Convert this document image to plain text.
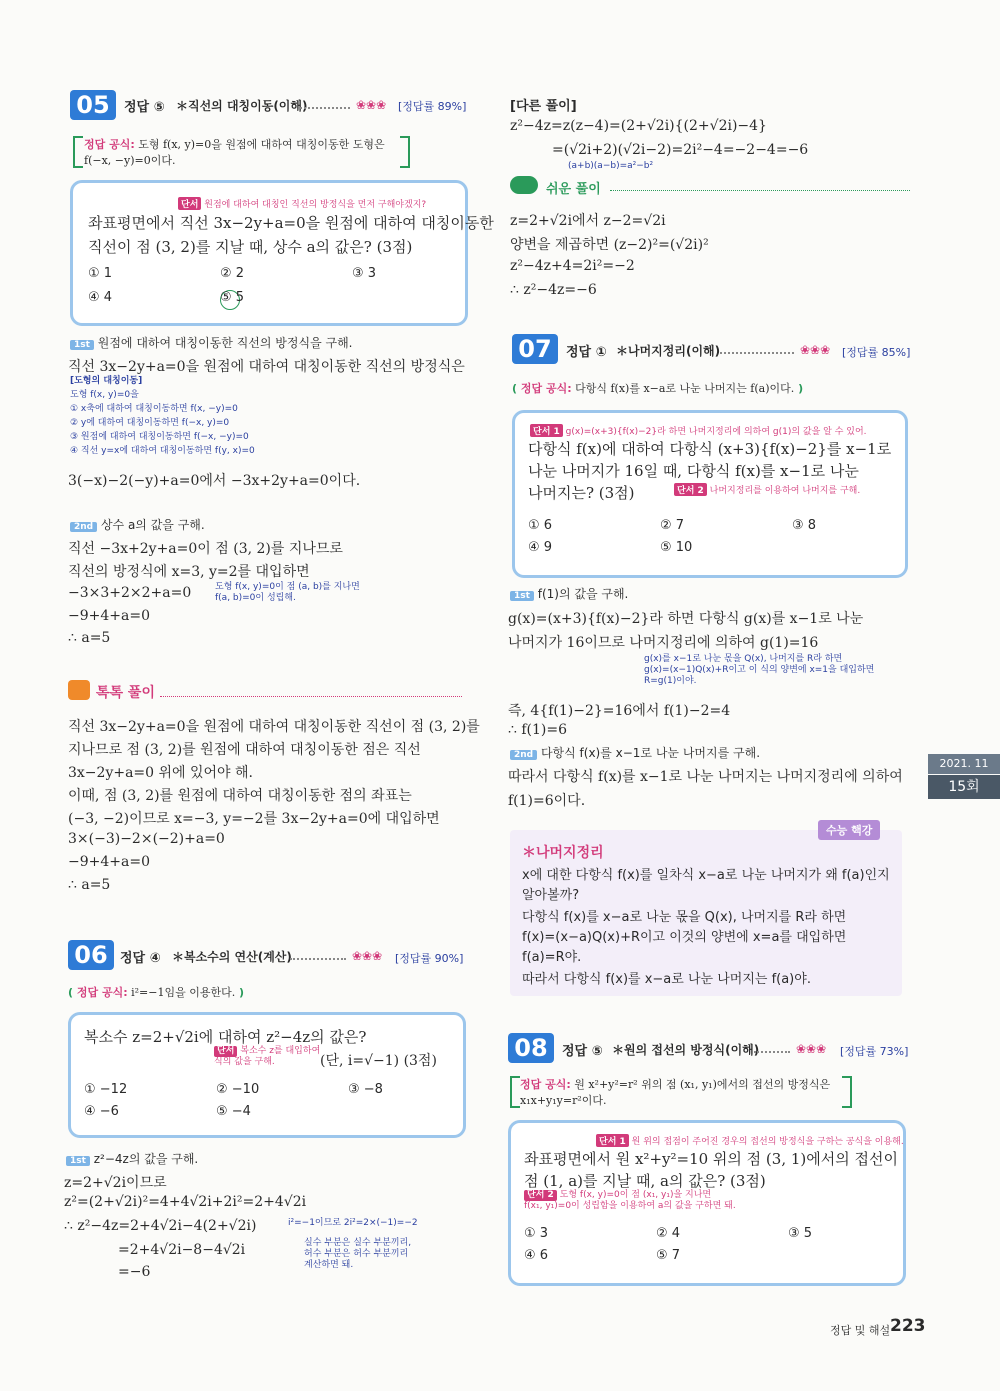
05	정답 ⑤ ＊직선의 대칭이동(이해)	❀❀❀ [정답률 89%]
정답 공식: 도형 f(x, y)=0을 원점에 대하여 대칭이동한 도형은
f(−x, −y)=0이다.
단서 원점에 대하여 대칭인 직선의 방정식을 먼저 구해야겠지?
좌표평면에서 직선 3x−2y+a=0을 원점에 대하여 대칭이동한
직선이 점 (3, 2)를 지날 때, 상수 a의 값은? (3점)
① 1	② 2	③ 3
④ 4	⑤ 5
1st 원점에 대하여 대칭이동한 직선의 방정식을 구해.
직선 3x−2y+a=0을 원점에 대하여 대칭이동한 직선의 방정식은
[도형의 대칭이동]
도형 f(x, y)=0을
① x축에 대하여 대칭이동하면 f(x, −y)=0
② y에 대하여 대칭이동하면 f(−x, y)=0
③ 원점에 대하여 대칭이동하면 f(−x, −y)=0
④ 직선 y=x에 대하여 대칭이동하면 f(y, x)=0
3(−x)−2(−y)+a=0에서 −3x+2y+a=0이다.
2nd 상수 a의 값을 구해.
직선 −3x+2y+a=0이 점 (3, 2)를 지나므로
직선의 방정식에 x=3, y=2를 대입하면
−3×3+2×2+a=0	도형 f(x, y)=0이 점 (a, b)를 지나면
f(a, b)=0이 성립해.
−9+4+a=0
∴ a=5
톡톡 풀이
직선 3x−2y+a=0을 원점에 대하여 대칭이동한 직선이 점 (3, 2)를
지나므로 점 (3, 2)를 원점에 대하여 대칭이동한 점은 직선
3x−2y+a=0 위에 있어야 해.
이때, 점 (3, 2)를 원점에 대하여 대칭이동한 점의 좌표는
(−3, −2)이므로 x=−3, y=−2를 3x−2y+a=0에 대입하면
3×(−3)−2×(−2)+a=0
−9+4+a=0
∴ a=5
06 정답 ④ ＊복소수의 연산(계산)	❀❀❀ [정답률 90%]
( 정답 공식: i²=−1임을 이용한다. )
복소수 z=2+√2i에 대하여 z²−4z의 값은?
단서 복소수 z를 대입하여
식의 값을 구해.	(단, i=√−1) (3점)
① −12	② −10	③ −8
④ −6	⑤ −4
1st z²−4z의 값을 구해.
z=2+√2i이므로
z²=(2+√2i)²=4+4√2i+2i²=2+4√2i
∴ z²−4z=2+4√2i−4(2+√2i)	i²=−1이므로 2i²=2×(−1)=−2
=2+4√2i−8−4√2i	실수 부분은 실수 부분끼리,
허수 부분은 허수 부분끼리
계산하면 돼.
=−6
[다른 풀이]
z²−4z=z(z−4)=(2+√2i){(2+√2i)−4}
=(√2i+2)(√2i−2)=2i²−4=−2−4=−6
(a+b)(a−b)=a²−b²
쉬운 풀이
z=2+√2i에서 z−2=√2i
양변을 제곱하면 (z−2)²=(√2i)²
z²−4z+4=2i²=−2
∴ z²−4z=−6
07	정답 ① ＊나머지정리(이해)	❀❀❀ [정답률 85%]
( 정답 공식: 다항식 f(x)를 x−a로 나눈 나머지는 f(a)이다. )
단서 1 g(x)=(x+3){f(x)−2}라 하면 나머지정리에 의하여 g(1)의 값을 알 수 있어.
다항식 f(x)에 대하여 다항식 (x+3){f(x)−2}를 x−1로
나눈 나머지가 16일 때, 다항식 f(x)를 x−1로 나눈
나머지는? (3점)	단서 2 나머지정리를 이용하여 나머지를 구해.
① 6	② 7	③ 8
④ 9	⑤ 10
1st f(1)의 값을 구해.
g(x)=(x+3){f(x)−2}라 하면 다항식 g(x)를 x−1로 나눈
나머지가 16이므로 나머지정리에 의하여 g(1)=16
g(x)를 x−1로 나눈 몫을 Q(x), 나머지를 R라 하면
g(x)=(x−1)Q(x)+R이고 이 식의 양변에 x=1을 대입하면
R=g(1)이야.
즉, 4{f(1)−2}=16에서 f(1)−2=4
∴ f(1)=6
2nd 다항식 f(x)를 x−1로 나눈 나머지를 구해.
따라서 다항식 f(x)를 x−1로 나눈 나머지는 나머지정리에 의하여
f(1)=6이다.
수능 핵강
＊나머지정리
x에 대한 다항식 f(x)를 일차식 x−a로 나눈 나머지가 왜 f(a)인지
알아볼까?
다항식 f(x)를 x−a로 나눈 몫을 Q(x), 나머지를 R라 하면
f(x)=(x−a)Q(x)+R이고 이것의 양변에 x=a를 대입하면
f(a)=R야.
따라서 다항식 f(x)를 x−a로 나눈 나머지는 f(a)야.
08	정답 ⑤ ＊원의 접선의 방정식(이해)	❀❀❀ [정답률 73%]
정답 공식: 원 x²+y²=r² 위의 점 (x₁, y₁)에서의 접선의 방정식은
x₁x+y₁y=r²이다.
단서 1 원 위의 접점이 주어진 경우의 접선의 방정식을 구하는 공식을 이용해.
좌표평면에서 원 x²+y²=10 위의 점 (3, 1)에서의 접선이
점 (1, a)를 지날 때, a의 값은? (3점)
단서 2 도형 f(x, y)=0이 점 (x₁, y₁)을 지나면
f(x₁, y₁)=0이 성립함을 이용하여 a의 값을 구하면 돼.
① 3	② 4	③ 5
④ 6	⑤ 7
2021. 11
15회
정답 및 해설 223
